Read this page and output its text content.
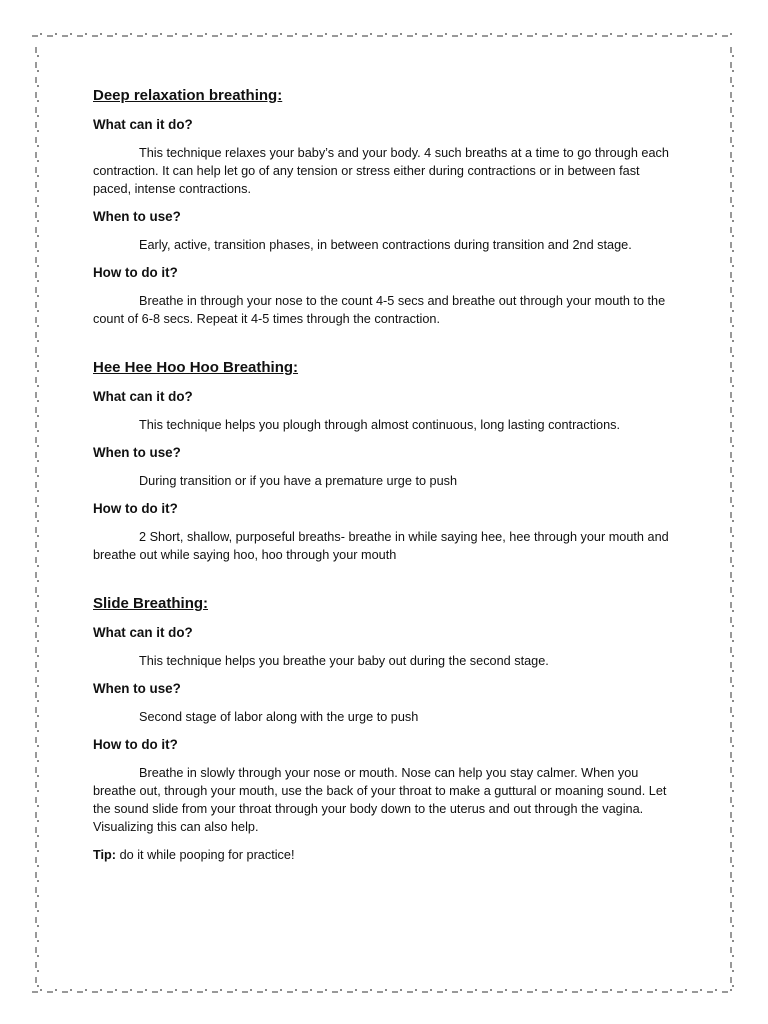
Deep relaxation breathing:
What can it do?

This technique relaxes your baby’s and your body. 4 such breaths at a time to go through each contraction. It can help let go of any tension or stress either during contractions or in between fast paced, intense contractions.

When to use?

Early, active, transition phases, in between contractions during transition and 2nd stage.

How to do it?

Breathe in through your nose to the count 4-5 secs and breathe out through your mouth to the count of 6-8 secs. Repeat it 4-5 times through the contraction.

Hee Hee Hoo Hoo Breathing:
What can it do?

This technique helps you plough through almost continuous, long lasting contractions.

When to use?

During transition or if you have a premature urge to push

How to do it?

2 Short, shallow, purposeful breaths- breathe in while saying hee, hee through your mouth and breathe out while saying hoo, hoo through your mouth

Slide Breathing:
What can it do?

This technique helps you breathe your baby out during the second stage.

When to use?

Second stage of labor along with the urge to push

How to do it?

Breathe in slowly through your nose or mouth. Nose can help you stay calmer. When you breathe out, through your mouth, use the back of your throat to make a guttural or moaning sound. Let the sound slide from your throat through your body down to the uterus and out through the vagina. Visualizing this can also help.

Tip: do it while pooping for practice!
